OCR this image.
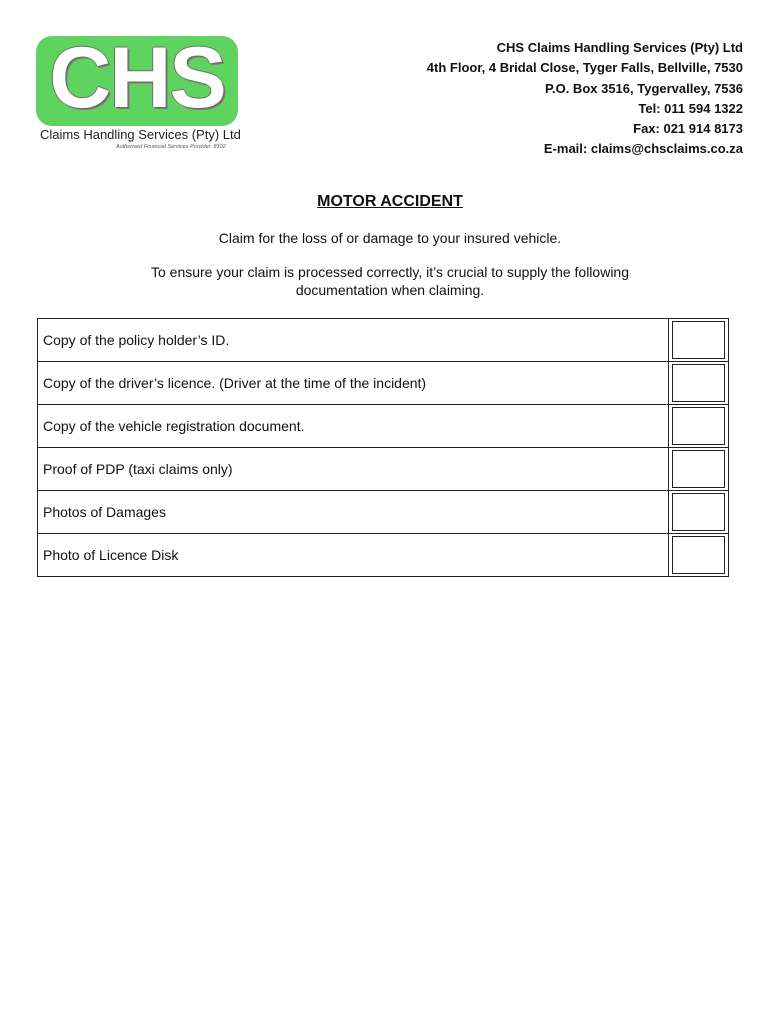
CHS
Claims Handling Services (Pty) Ltd
Authorised Financial Services Provider: 8102
CHS Claims Handling Services (Pty) Ltd
4th Floor, 4 Bridal Close, Tyger Falls, Bellville, 7530
P.O. Box 3516, Tygervalley, 7536
Tel: 011 594 1322
Fax: 021 914 8173
E-mail: claims@chsclaims.co.za
MOTOR ACCIDENT
Claim for the loss of or damage to your insured vehicle.
To ensure your claim is processed correctly, it’s crucial to supply the following documentation when claiming.
Copy of the policy holder’s ID.	

Copy of the driver’s licence. (Driver at the time of the incident)	

Copy of the vehicle registration document.	

Proof of PDP (taxi claims only)	

Photos of Damages	

Photo of Licence Disk	
